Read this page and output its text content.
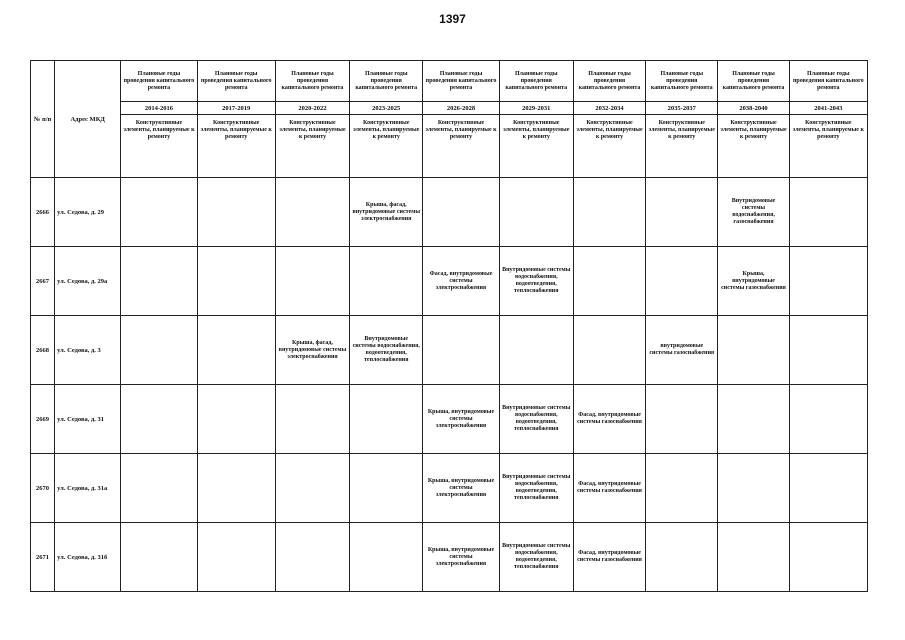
1397
№ п/п	Адрес МКД	Плановые годы проведения капитального ремонта	Плановые годы проведения капитального ремонта	Плановые годы проведения капитального ремонта	Плановые годы проведения капитального ремонта	Плановые годы проведения капитального ремонта	Плановые годы проведения капитального ремонта	Плановые годы проведения капитального ремонта	Плановые годы проведения капитального ремонта	Плановые годы проведения капитального ремонта	Плановые годы проведения капитального ремонта
		2014-2016	2017-2019	2020-2022	2023-2025	2026-2028	2029-2031	2032-2034	2035-2037	2038-2040	2041-2043
		Конструктивные элементы, планируемые к ремонту	Конструктивные элементы, планируемые к ремонту	Конструктивные элементы, планируемые к ремонту	Конструктивные элементы, планируемые к ремонту	Конструктивные элементы, планируемые к ремонту	Конструктивные элементы, планируемые к ремонту	Конструктивные элементы, планируемые к ремонту	Конструктивные элементы, планируемые к ремонту	Конструктивные элементы, планируемые к ремонту	Конструктивные элементы, планируемые к ремонту
2666	ул. Седова, д. 29				Крыша, фасад, внутридомовые системы электроснабжения					Внутридомовые системы водоснабжения, газоснабжения	
2667	ул. Седова, д. 29а					Фасад, внутридомовые системы электроснабжения	Внутридомовые системы водоснабжения, водоотведения, теплоснабжения			Крыша, внутридомовые системы газоснабжения	
2668	ул. Седова, д. 3			Крыша, фасад, внутридомовые системы электроснабжения	Внутридомовые системы водоснабжения, водоотведения, теплоснабжения				внутридомовые системы газоснабжения		
2669	ул. Седова, д. 31					Крыша, внутридомовые системы электроснабжения	Внутридомовые системы водоснабжения, водоотведения, теплоснабжения	Фасад, внутридомовые системы газоснабжения			
2670	ул. Седова, д. 31а					Крыша, внутридомовые системы электроснабжения	Внутридомовые системы водоснабжения, водоотведения, теплоснабжения	Фасад, внутридомовые системы газоснабжения			
2671	ул. Седова, д. 31б					Крыша, внутридомовые системы электроснабжения	Внутридомовые системы водоснабжения, водоотведения, теплоснабжения	Фасад, внутридомовые системы газоснабжения			
